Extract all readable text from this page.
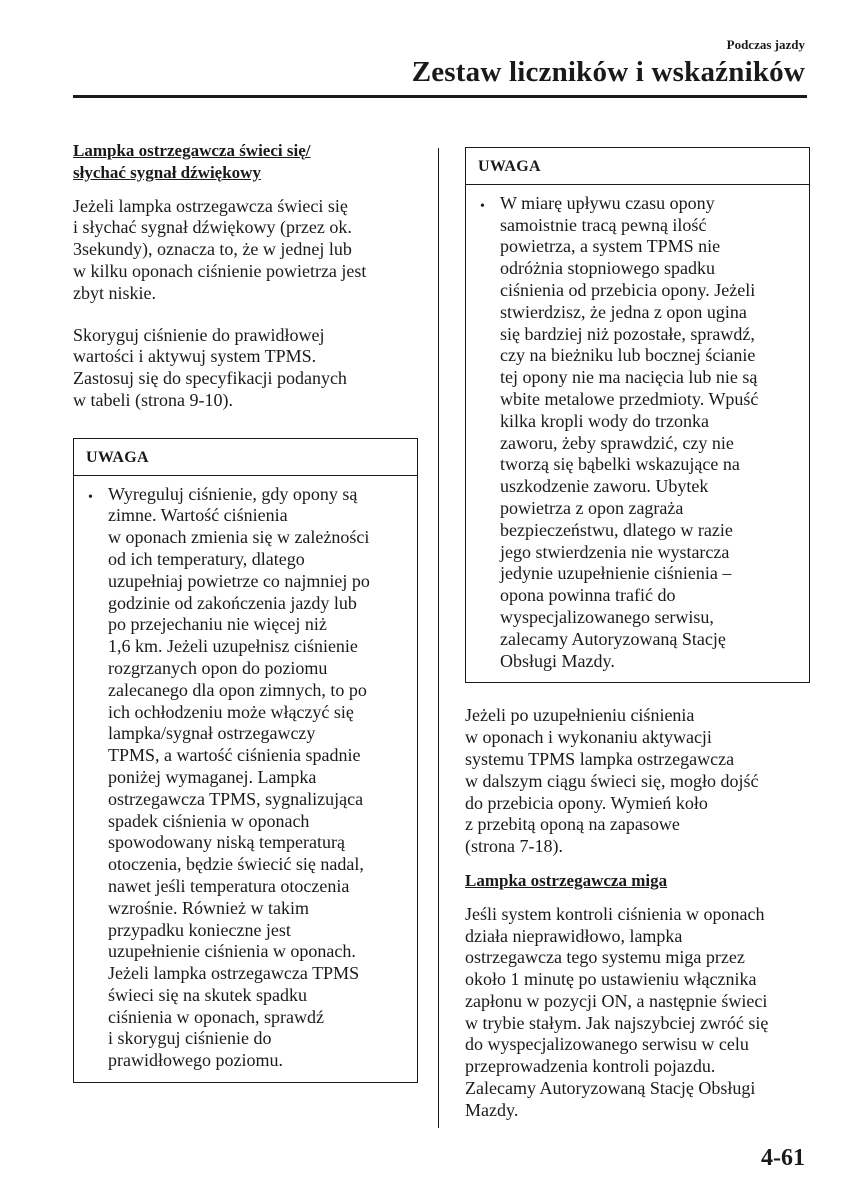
Podczas jazdy
Zestaw liczników i wskaźników
Lampka ostrzegawcza świeci się/
słychać sygnał dźwiękowy

Jeżeli lampka ostrzegawcza świeci się
i słychać sygnał dźwiękowy (przez ok.
3sekundy), oznacza to, że w jednej lub
w kilku oponach ciśnienie powietrza jest
zbyt niskie.

Skoryguj ciśnienie do prawidłowej
wartości i aktywuj system TPMS.
Zastosuj się do specyfikacji podanych
w tabeli (strona 9-10).

UWAGA
• Wyreguluj ciśnienie, gdy opony są
zimne. Wartość ciśnienia
w oponach zmienia się w zależności
od ich temperatury, dlatego
uzupełniaj powietrze co najmniej po
godzinie od zakończenia jazdy lub
po przejechaniu nie więcej niż
1,6 km. Jeżeli uzupełnisz ciśnienie
rozgrzanych opon do poziomu
zalecanego dla opon zimnych, to po
ich ochłodzeniu może włączyć się
lampka/sygnał ostrzegawczy
TPMS, a wartość ciśnienia spadnie
poniżej wymaganej. Lampka
ostrzegawcza TPMS, sygnalizująca
spadek ciśnienia w oponach
spowodowany niską temperaturą
otoczenia, będzie świecić się nadal,
nawet jeśli temperatura otoczenia
wzrośnie. Również w takim
przypadku konieczne jest
uzupełnienie ciśnienia w oponach.
Jeżeli lampka ostrzegawcza TPMS
świeci się na skutek spadku
ciśnienia w oponach, sprawdź
i skoryguj ciśnienie do
prawidłowego poziomu.
UWAGA
• W miarę upływu czasu opony
samoistnie tracą pewną ilość
powietrza, a system TPMS nie
odróżnia stopniowego spadku
ciśnienia od przebicia opony. Jeżeli
stwierdzisz, że jedna z opon ugina
się bardziej niż pozostałe, sprawdź,
czy na bieżniku lub bocznej ścianie
tej opony nie ma nacięcia lub nie są
wbite metalowe przedmioty. Wpuść
kilka kropli wody do trzonka
zaworu, żeby sprawdzić, czy nie
tworzą się bąbelki wskazujące na
uszkodzenie zaworu. Ubytek
powietrza z opon zagraża
bezpieczeństwu, dlatego w razie
jego stwierdzenia nie wystarcza
jedynie uzupełnienie ciśnienia –
opona powinna trafić do
wyspecjalizowanego serwisu,
zalecamy Autoryzowaną Stację
Obsługi Mazdy.

Jeżeli po uzupełnieniu ciśnienia
w oponach i wykonaniu aktywacji
systemu TPMS lampka ostrzegawcza
w dalszym ciągu świeci się, mogło dojść
do przebicia opony. Wymień koło
z przebitą oponą na zapasowe
(strona 7-18).

Lampka ostrzegawcza miga

Jeśli system kontroli ciśnienia w oponach
działa nieprawidłowo, lampka
ostrzegawcza tego systemu miga przez
około 1 minutę po ustawieniu włącznika
zapłonu w pozycji ON, a następnie świeci
w trybie stałym. Jak najszybciej zwróć się
do wyspecjalizowanego serwisu w celu
przeprowadzenia kontroli pojazdu.
Zalecamy Autoryzowaną Stację Obsługi
Mazdy.

4-61
